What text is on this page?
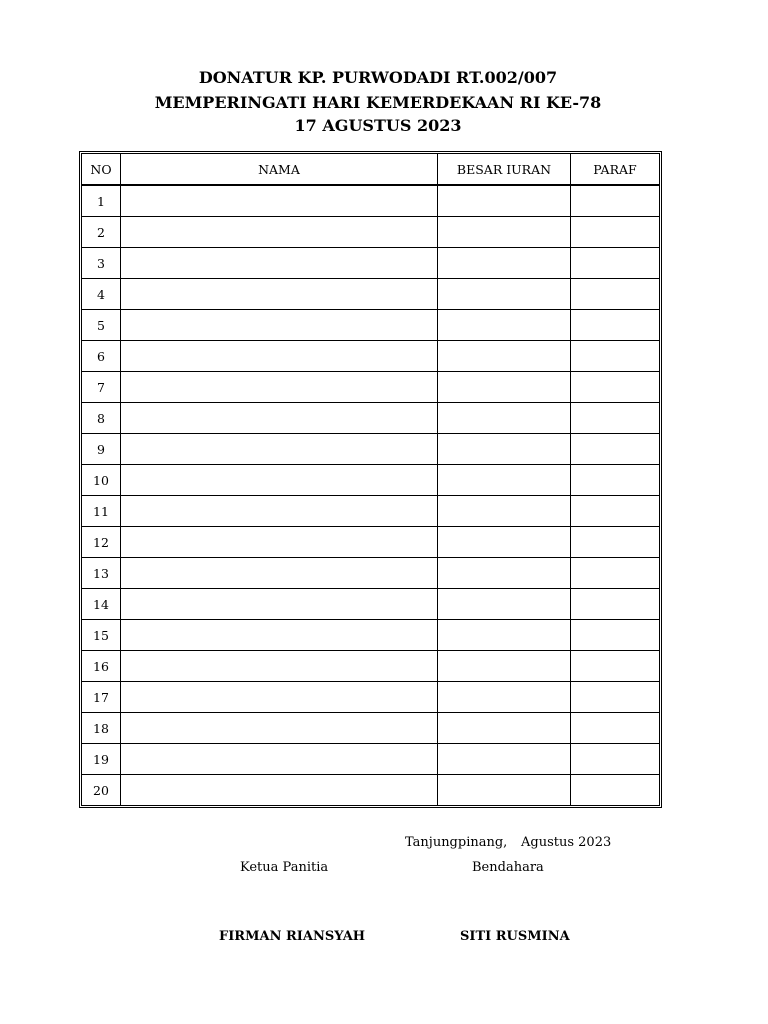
DONATUR KP. PURWODADI RT.002/007
MEMPERINGATI HARI KEMERDEKAAN RI KE-78
17 AGUSTUS 2023
NO	NAMA	BESAR IURAN	PARAF
1			
2			
3			
4			
5			
6			
7			
8			
9			
10			
11			
12			
13			
14			
15			
16			
17			
18			
19			
20			
Tanjungpinang, Agustus 2023
Ketua Panitia	Bendahara
FIRMAN RIANSYAH	SITI RUSMINA
